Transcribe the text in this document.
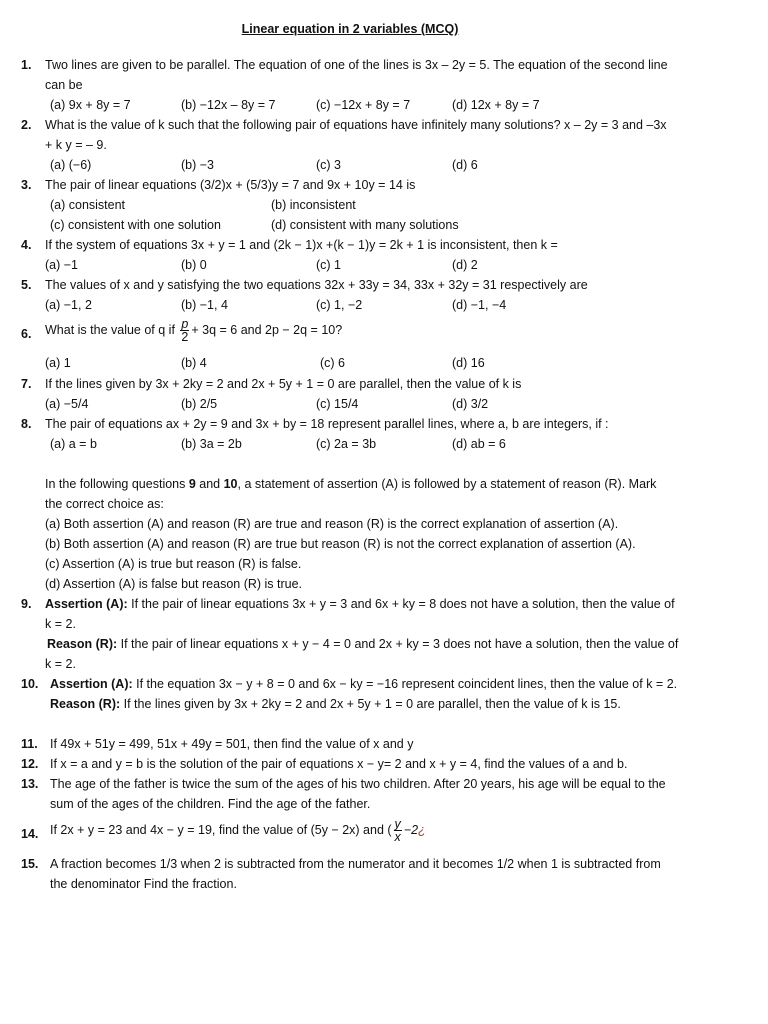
Linear equation in 2 variables (MCQ)
1. Two lines are given to be parallel. The equation of one of the lines is 3x – 2y = 5. The equation of the second line can be
(a) 9x + 8y = 7	(b) −12x – 8y = 7	(c) −12x + 8y = 7	(d) 12x + 8y = 7
2. What is the value of k such that the following pair of equations have infinitely many solutions? x – 2y = 3 and –3x + k y = – 9.
(a) (−6)	(b) −3	(c) 3	(d) 6
3. The pair of linear equations (3/2)x + (5/3)y = 7 and 9x + 10y = 14 is
(a) consistent	(b) inconsistent
(c) consistent with one solution	(d) consistent with many solutions
4. If the system of equations 3x + y = 1 and (2k − 1)x +(k − 1)y = 2k + 1 is inconsistent, then k =
(a) −1	(b) 0	(c) 1	(d) 2
5. The values of x and y satisfying the two equations 32x + 33y = 34, 33x + 32y = 31 respectively are
(a) −1, 2	(b) −1, 4	(c) 1, −2	(d) −1, −4
6. What is the value of q if $\frac{p}{2} + 3q = 6$ and 2p − 2q = 10?
(a) 1	(b) 4	(c) 6	(d) 16
7. If the lines given by 3x + 2ky = 2 and 2x + 5y + 1 = 0 are parallel, then the value of k is
(a) −5/4	(b) 2/5	(c) 15/4	(d) 3/2
8. The pair of equations ax + 2y = 9 and 3x + by = 18 represent parallel lines, where a, b are integers, if :
(a) a = b	(b) 3a = 2b	(c) 2a = 3b	(d) ab = 6
In the following questions 9 and 10, a statement of assertion (A) is followed by a statement of reason (R). Mark the correct choice as:
(a) Both assertion (A) and reason (R) are true and reason (R) is the correct explanation of assertion (A).
(b) Both assertion (A) and reason (R) are true but reason (R) is not the correct explanation of assertion (A).
(c) Assertion (A) is true but reason (R) is false.
(d) Assertion (A) is false but reason (R) is true.
9. Assertion (A): If the pair of linear equations 3x + y = 3 and 6x + ky = 8 does not have a solution, then the value of k = 2.
Reason (R): If the pair of linear equations x + y − 4 = 0 and 2x + ky = 3 does not have a solution, then the value of k = 2.
10. Assertion (A): If the equation 3x − y + 8 = 0 and 6x − ky = −16 represent coincident lines, then the value of k = 2.
Reason (R): If the lines given by 3x + 2ky = 2 and 2x + 5y + 1 = 0 are parallel, then the value of k is 15.
11. If 49x + 51y = 499, 51x + 49y = 501, then find the value of x and y
12. If x = a and y = b is the solution of the pair of equations x − y= 2 and x + y = 4, find the values of a and b.
13. The age of the father is twice the sum of the ages of his two children. After 20 years, his age will be equal to the sum of the ages of the children. Find the age of the father.
14. If 2x + y = 23 and 4x − y = 19, find the value of (5y − 2x) and ( $\frac{y}{x}$ −2¿
15. A fraction becomes 1/3 when 2 is subtracted from the numerator and it becomes 1/2 when 1 is subtracted from the denominator Find the fraction.
